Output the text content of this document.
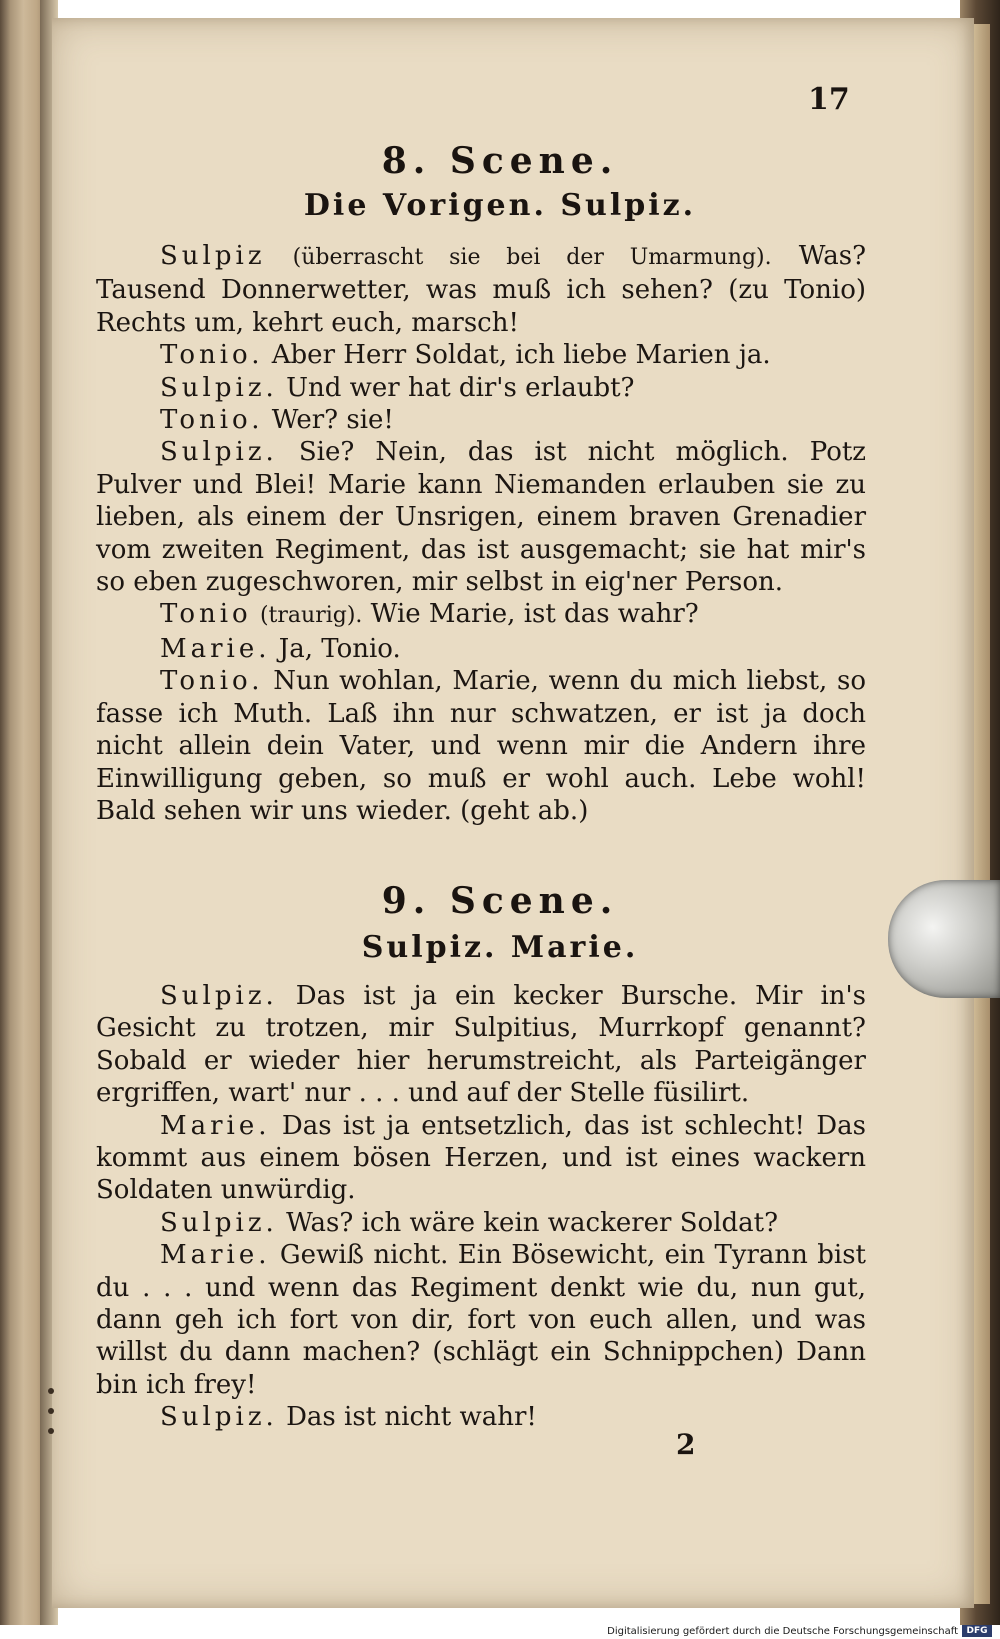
17
8. Scene.
Die Vorigen. Sulpiz.

Sulpiz (überrascht sie bei der Umarmung). Was? Tausend Donnerwetter, was muß ich sehen? (zu Tonio) Rechts um, kehrt euch, marsch!

Tonio. Aber Herr Soldat, ich liebe Marien ja.

Sulpiz. Und wer hat dir's erlaubt?

Tonio. Wer? sie!

Sulpiz. Sie? Nein, das ist nicht möglich. Potz Pulver und Blei! Marie kann Niemanden erlauben sie zu lieben, als einem der Unsrigen, einem braven Grenadier vom zweiten Regiment, das ist ausgemacht; sie hat mir's so eben zugeschworen, mir selbst in eig'ner Person.

Tonio (traurig). Wie Marie, ist das wahr?

Marie. Ja, Tonio.

Tonio. Nun wohlan, Marie, wenn du mich liebst, so fasse ich Muth. Laß ihn nur schwatzen, er ist ja doch nicht allein dein Vater, und wenn mir die Andern ihre Einwilligung geben, so muß er wohl auch. Lebe wohl! Bald sehen wir uns wieder. (geht ab.)

9. Scene.
Sulpiz. Marie.

Sulpiz. Das ist ja ein kecker Bursche. Mir in's Gesicht zu trotzen, mir Sulpitius, Murrkopf genannt? Sobald er wieder hier herumstreicht, als Parteigänger ergriffen, wart' nur . . . und auf der Stelle füsilirt.

Marie. Das ist ja entsetzlich, das ist schlecht! Das kommt aus einem bösen Herzen, und ist eines wackern Soldaten unwürdig.

Sulpiz. Was? ich wäre kein wackerer Soldat?

Marie. Gewiß nicht. Ein Bösewicht, ein Tyrann bist du . . . und wenn das Regiment denkt wie du, nun gut, dann geh ich fort von dir, fort von euch allen, und was willst du dann machen? (schlägt ein Schnippchen) Dann bin ich frey!

Sulpiz. Das ist nicht wahr!

2
Digitalisierung gefördert durch die Deutsche Forschungsgemeinschaft DFG
